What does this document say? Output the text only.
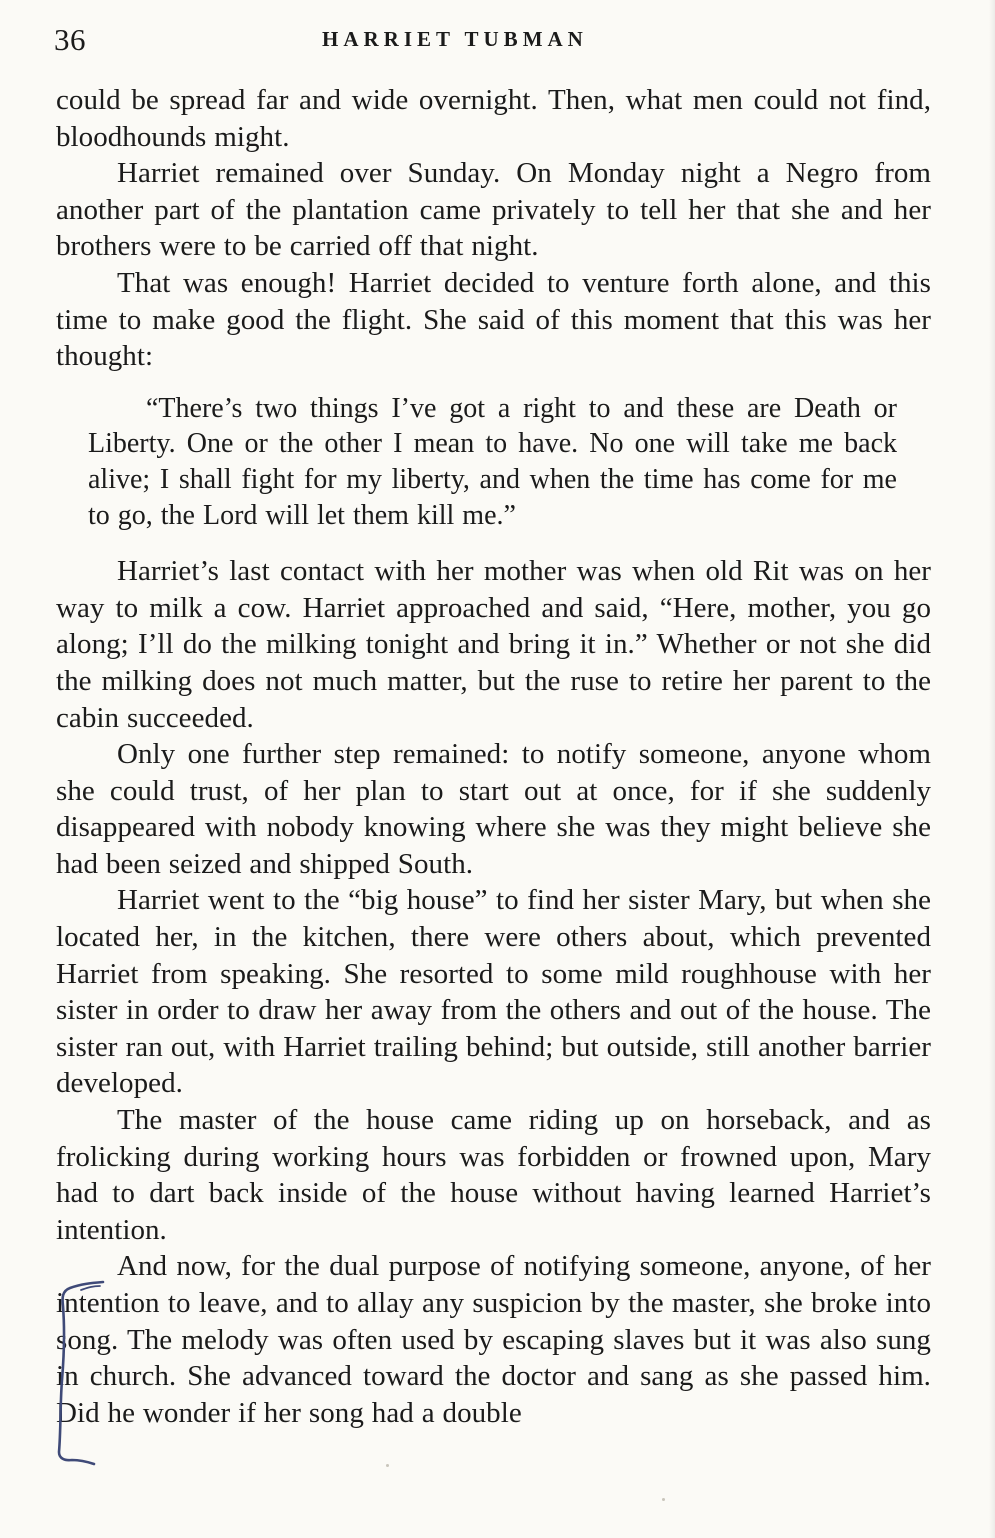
36	HARRIET TUBMAN

could be spread far and wide overnight. Then, what men could not find, bloodhounds might.

Harriet remained over Sunday. On Monday night a Negro from another part of the plantation came privately to tell her that she and her brothers were to be carried off that night.

That was enough! Harriet decided to venture forth alone, and this time to make good the flight. She said of this moment that this was her thought:

“There’s two things I’ve got a right to and these are Death or Liberty. One or the other I mean to have. No one will take me back alive; I shall fight for my liberty, and when the time has come for me to go, the Lord will let them kill me.”

Harriet’s last contact with her mother was when old Rit was on her way to milk a cow. Harriet approached and said, “Here, mother, you go along; I’ll do the milking tonight and bring it in.” Whether or not she did the milking does not much matter, but the ruse to retire her parent to the cabin succeeded.

Only one further step remained: to notify someone, anyone whom she could trust, of her plan to start out at once, for if she suddenly disappeared with nobody knowing where she was they might believe she had been seized and shipped South.

Harriet went to the “big house” to find her sister Mary, but when she located her, in the kitchen, there were others about, which prevented Harriet from speaking. She resorted to some mild roughhouse with her sister in order to draw her away from the others and out of the house. The sister ran out, with Harriet trailing behind; but outside, still another barrier developed.

The master of the house came riding up on horseback, and as frolicking during working hours was forbidden or frowned upon, Mary had to dart back inside of the house without having learned Harriet’s intention.

And now, for the dual purpose of notifying someone, anyone, of her intention to leave, and to allay any suspicion by the master, she broke into song. The melody was often used by escaping slaves but it was also sung in church. She advanced toward the doctor and sang as she passed him. Did he wonder if her song had a double
